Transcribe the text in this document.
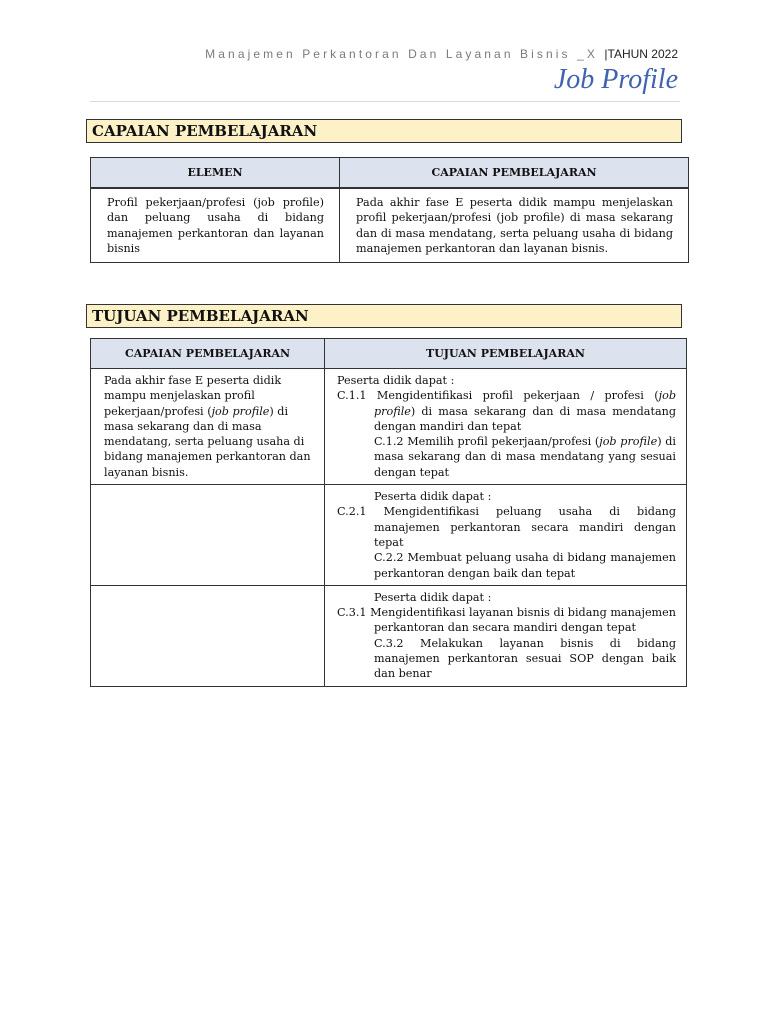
Manajemen Perkantoran Dan Layanan Bisnis _X |TAHUN 2022
Job Profile
CAPAIAN PEMBELAJARAN
ELEMEN	CAPAIAN PEMBELAJARAN
Profil pekerjaan/profesi (job profile) dan peluang usaha di bidang manajemen perkantoran dan layanan bisnis	Pada akhir fase E peserta didik mampu menjelaskan profil pekerjaan/profesi (job profile) di masa sekarang dan di masa mendatang, serta peluang usaha di bidang manajemen perkantoran dan layanan bisnis.
TUJUAN PEMBELAJARAN
CAPAIAN PEMBELAJARAN	TUJUAN PEMBELAJARAN
Pada akhir fase E peserta didik mampu menjelaskan profil pekerjaan/profesi (job profile) di masa sekarang dan di masa mendatang, serta peluang usaha di bidang manajemen perkantoran dan layanan bisnis.	Peserta didik dapat :
C.1.1 Mengidentifikasi profil pekerjaan / profesi (job profile) di masa sekarang dan di masa mendatang dengan mandiri dan tepat
C.1.2 Memilih profil pekerjaan/profesi (job profile) di masa sekarang dan di masa mendatang yang sesuai dengan tepat

	Peserta didik dapat :
C.2.1 Mengidentifikasi peluang usaha di bidang manajemen perkantoran secara mandiri dengan tepat
C.2.2 Membuat peluang usaha di bidang manajemen perkantoran dengan baik dan tepat

	Peserta didik dapat :
C.3.1 Mengidentifikasi layanan bisnis di bidang manajemen perkantoran dan secara mandiri dengan tepat
C.3.2 Melakukan layanan bisnis di bidang manajemen perkantoran sesuai SOP dengan baik dan benar
